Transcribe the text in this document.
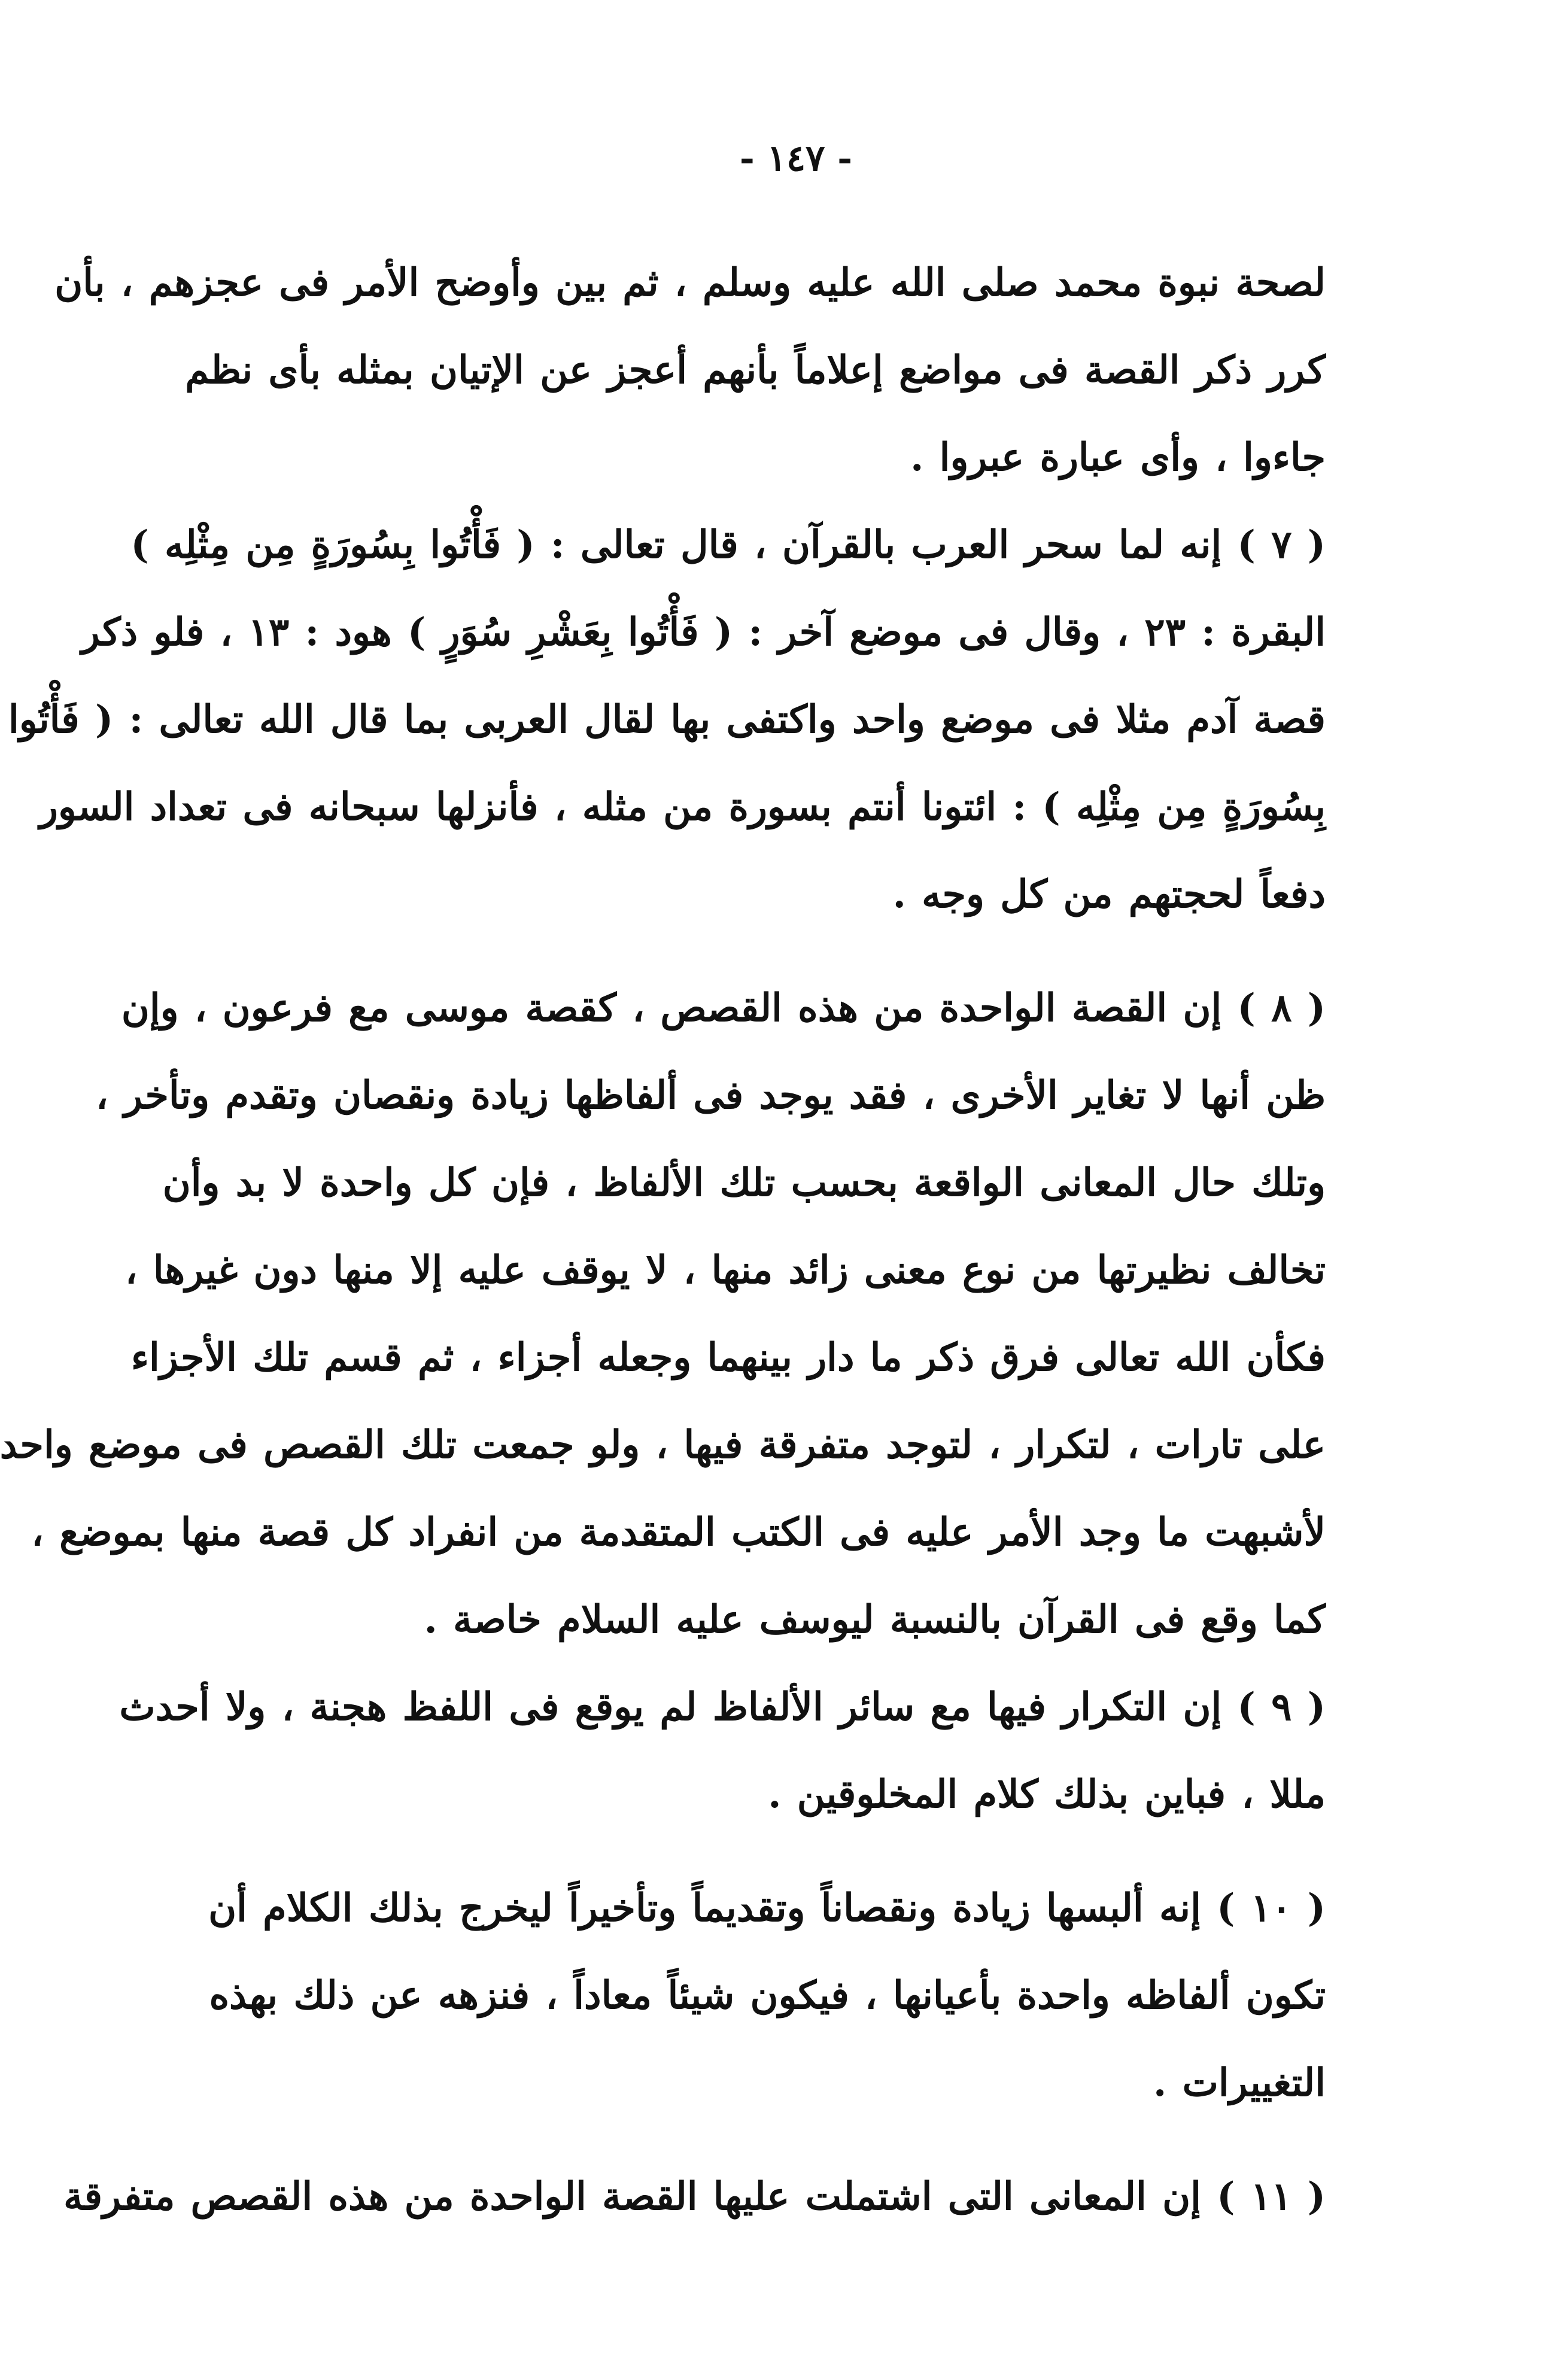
- ١٤٧ -

لصحة نبوة محمد صلى الله عليه وسلم ، ثم بين وأوضح الأمر فى عجزهم ، بأن
كرر ذكر القصة فى مواضع إعلاماً بأنهم أعجز عن الإتيان بمثله بأى نظم
جاءوا ، وأى عبارة عبروا .

( ٧ ) إنه لما سحر العرب بالقرآن ، قال تعالى : ( فَأْتُوا بِسُورَةٍ مِن مِثْلِه )
البقرة : ٢٣ ، وقال فى موضع آخر : ( فَأْتُوا بِعَشْرِ سُوَرٍ ) هود : ١٣ ، فلو ذكر
قصة آدم مثلا فى موضع واحد واكتفى بها لقال العربى بما قال الله تعالى : ( فَأْتُوا
بِسُورَةٍ مِن مِثْلِه ) : ائتونا أنتم بسورة من مثله ، فأنزلها سبحانه فى تعداد السور
دفعاً لحجتهم من كل وجه .

( ٨ ) إن القصة الواحدة من هذه القصص ، كقصة موسى مع فرعون ، وإن
ظن أنها لا تغاير الأخرى ، فقد يوجد فى ألفاظها زيادة ونقصان وتقدم وتأخر ،
وتلك حال المعانى الواقعة بحسب تلك الألفاظ ، فإن كل واحدة لا بد وأن
تخالف نظيرتها من نوع معنى زائد منها ، لا يوقف عليه إلا منها دون غيرها ،
فكأن الله تعالى فرق ذكر ما دار بينهما وجعله أجزاء ، ثم قسم تلك الأجزاء
على تارات ، لتكرار ، لتوجد متفرقة فيها ، ولو جمعت تلك القصص فى موضع واحد
لأشبهت ما وجد الأمر عليه فى الكتب المتقدمة من انفراد كل قصة منها بموضع ،
كما وقع فى القرآن بالنسبة ليوسف عليه السلام خاصة .

( ٩ ) إن التكرار فيها مع سائر الألفاظ لم يوقع فى اللفظ هجنة ، ولا أحدث
مللا ، فباين بذلك كلام المخلوقين .

( ١٠ ) إنه ألبسها زيادة ونقصاناً وتقديماً وتأخيراً ليخرج بذلك الكلام أن
تكون ألفاظه واحدة بأعيانها ، فيكون شيئاً معاداً ، فنزهه عن ذلك بهذه
التغييرات .

( ١١ ) إن المعانى التى اشتملت عليها القصة الواحدة من هذه القصص متفرقة
